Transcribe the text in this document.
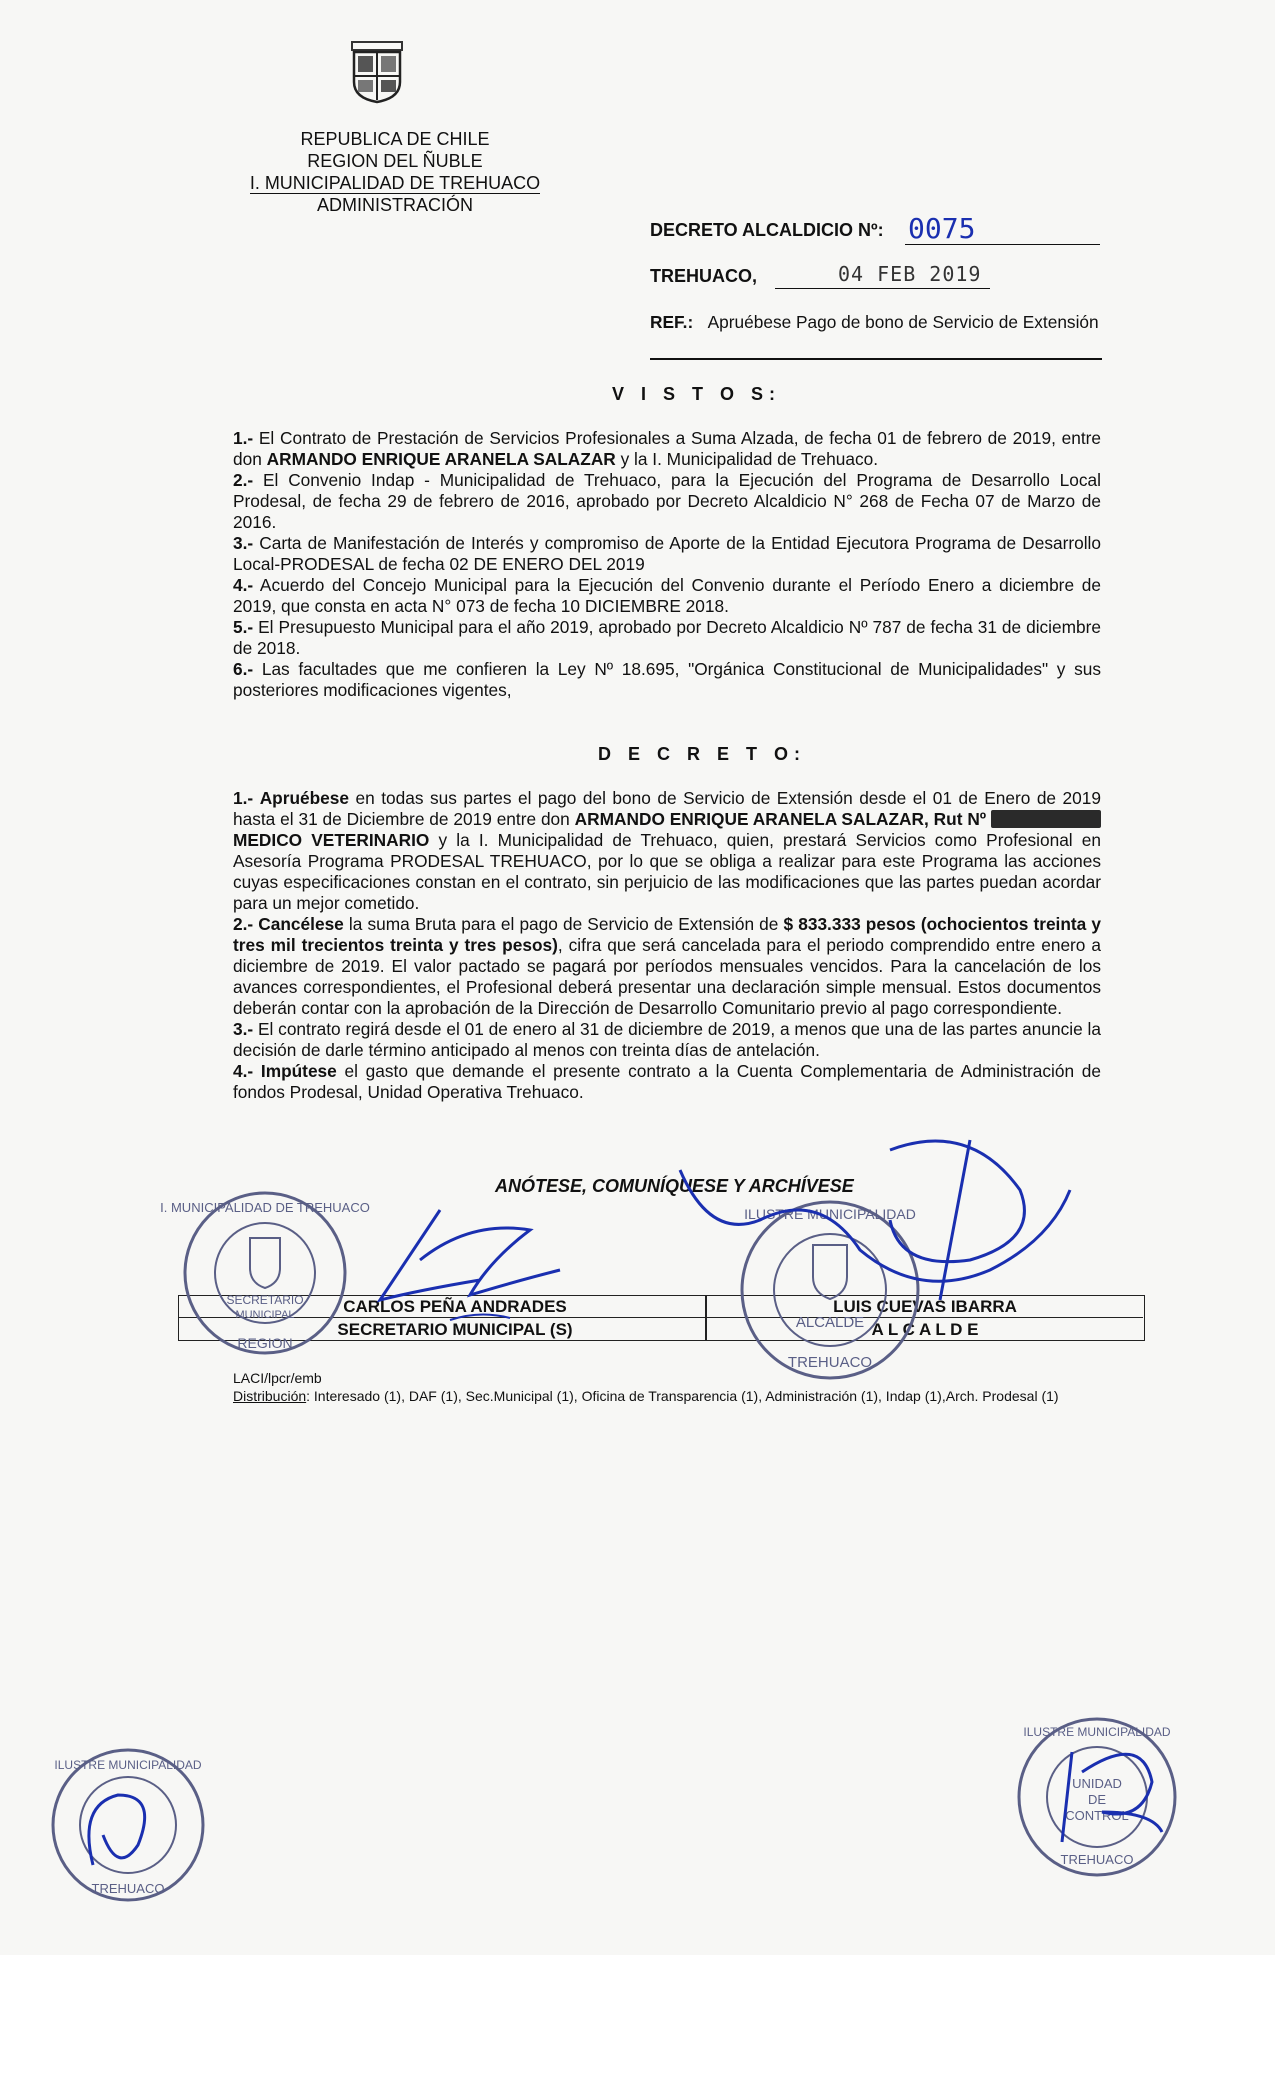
REPUBLICA DE CHILE
REGION DEL ÑUBLE
I. MUNICIPALIDAD DE TREHUACO
ADMINISTRACIÓN
DECRETO ALCALDICIO Nº: 0075
TREHUACO,	04 FEB 2019
REF.: Apruébese Pago de bono de Servicio de Extensión
V I S T O S:

1.- El Contrato de Prestación de Servicios Profesionales a Suma Alzada, de fecha 01 de febrero de 2019, entre don ARMANDO ENRIQUE ARANELA SALAZAR y la I. Municipalidad de Trehuaco.

2.- El Convenio Indap - Municipalidad de Trehuaco, para la Ejecución del Programa de Desarrollo Local Prodesal, de fecha 29 de febrero de 2016, aprobado por Decreto Alcaldicio N° 268 de Fecha 07 de Marzo de 2016.

3.- Carta de Manifestación de Interés y compromiso de Aporte de la Entidad Ejecutora Programa de Desarrollo Local-PRODESAL de fecha 02 DE ENERO DEL 2019

4.- Acuerdo del Concejo Municipal para la Ejecución del Convenio durante el Período Enero a diciembre de 2019, que consta en acta N° 073 de fecha 10 DICIEMBRE 2018.

5.- El Presupuesto Municipal para el año 2019, aprobado por Decreto Alcaldicio Nº 787 de fecha 31 de diciembre de 2018.

6.- Las facultades que me confieren la Ley Nº 18.695, "Orgánica Constitucional de Municipalidades" y sus posteriores modificaciones vigentes,

D E C R E T O:

1.- Apruébese en todas sus partes el pago del bono de Servicio de Extensión desde el 01 de Enero de 2019 hasta el 31 de Diciembre de 2019 entre don ARMANDO ENRIQUE ARANELA SALAZAR, Rut Nº  MEDICO VETERINARIO y la I. Municipalidad de Trehuaco, quien, prestará Servicios como Profesional en Asesoría Programa PRODESAL TREHUACO, por lo que se obliga a realizar para este Programa las acciones cuyas especificaciones constan en el contrato, sin perjuicio de las modificaciones que las partes puedan acordar para un mejor cometido.

2.- Cancélese la suma Bruta para el pago de Servicio de Extensión de $ 833.333 pesos (ochocientos treinta y tres mil trecientos treinta y tres pesos), cifra que será cancelada para el periodo comprendido entre enero a diciembre de 2019. El valor pactado se pagará por períodos mensuales vencidos. Para la cancelación de los avances correspondientes, el Profesional deberá presentar una declaración simple mensual. Estos documentos deberán contar con la aprobación de la Dirección de Desarrollo Comunitario previo al pago correspondiente.

3.- El contrato regirá desde el 01 de enero al 31 de diciembre de 2019, a menos que una de las partes anuncie la decisión de darle término anticipado al menos con treinta días de antelación.

4.- Impútese el gasto que demande el presente contrato a la Cuenta Complementaria de Administración de fondos Prodesal, Unidad Operativa Trehuaco.

ANÓTESE, COMUNÍQUESE Y ARCHÍVESE
CARLOS PEÑA ANDRADES
SECRETARIO MUNICIPAL (S)
LUIS CUEVAS IBARRA
A L C A L D E
SECRETARIO
MUNICIPAL
REGION
I. MUNICIPALIDAD DE TREHUACO	ILUSTRE MUNICIPALIDAD
ALCALDE
TREHUACO
LACI/lpcr/emb
Distribución: Interesado (1), DAF (1), Sec.Municipal (1), Oficina de Transparencia (1), Administración (1), Indap (1),Arch. Prodesal (1)
ILUSTRE MUNICIPALIDAD
TREHUACO
ILUSTRE MUNICIPALIDAD
UNIDAD
DE
CONTROL
TREHUACO
